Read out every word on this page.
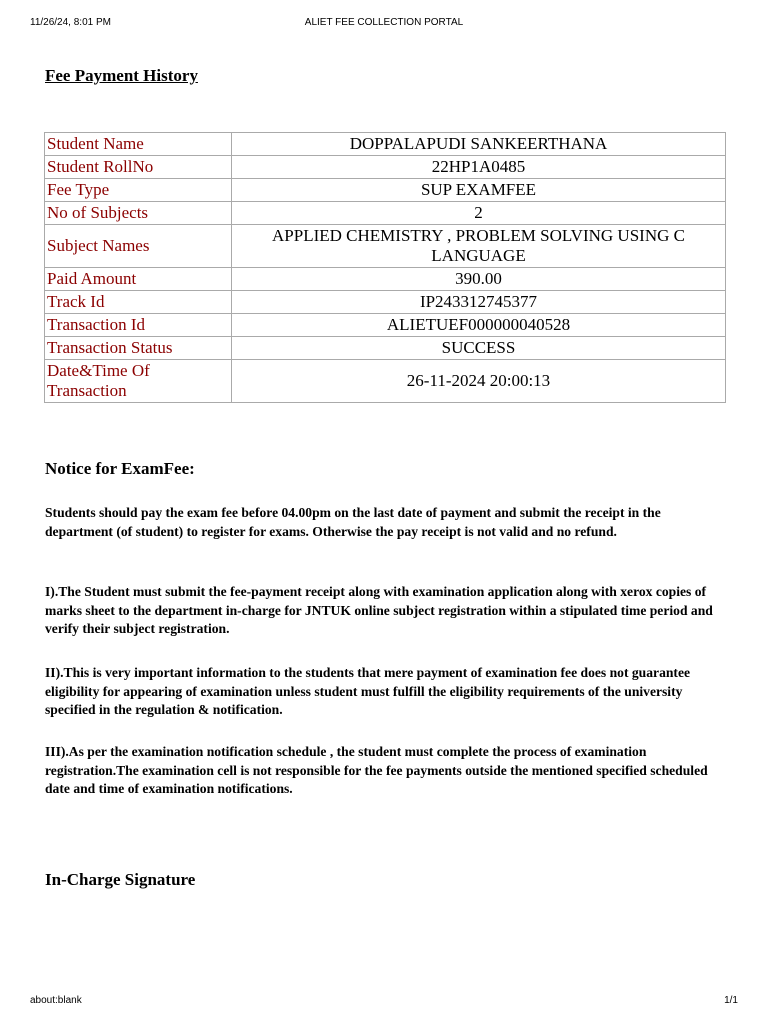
11/26/24, 8:01 PM	ALIET FEE COLLECTION PORTAL
Fee Payment History
Student Name	DOPPALAPUDI SANKEERTHANA
Student RollNo	22HP1A0485
Fee Type	SUP EXAMFEE
No of Subjects	2
Subject Names	APPLIED CHEMISTRY , PROBLEM SOLVING USING C LANGUAGE
Paid Amount	390.00
Track Id	IP243312745377
Transaction Id	ALIETUEF000000040528
Transaction Status	SUCCESS
Date&Time Of Transaction	26-11-2024 20:00:13
Notice for ExamFee:

Students should pay the exam fee before 04.00pm on the last date of payment and submit the receipt in the department (of student) to register for exams. Otherwise the pay receipt is not valid and no refund.

I).The Student must submit the fee-payment receipt along with examination application along with xerox copies of marks sheet to the department in-charge for JNTUK online subject registration within a stipulated time period and verify their subject registration.

II).This is very important information to the students that mere payment of examination fee does not guarantee eligibility for appearing of examination unless student must fulfill the eligibility requirements of the university specified in the regulation & notification.

III).As per the examination notification schedule , the student must complete the process of examination registration.The examination cell is not responsible for the fee payments outside the mentioned specified scheduled date and time of examination notifications.

In-Charge Signature
about:blank	1/1
